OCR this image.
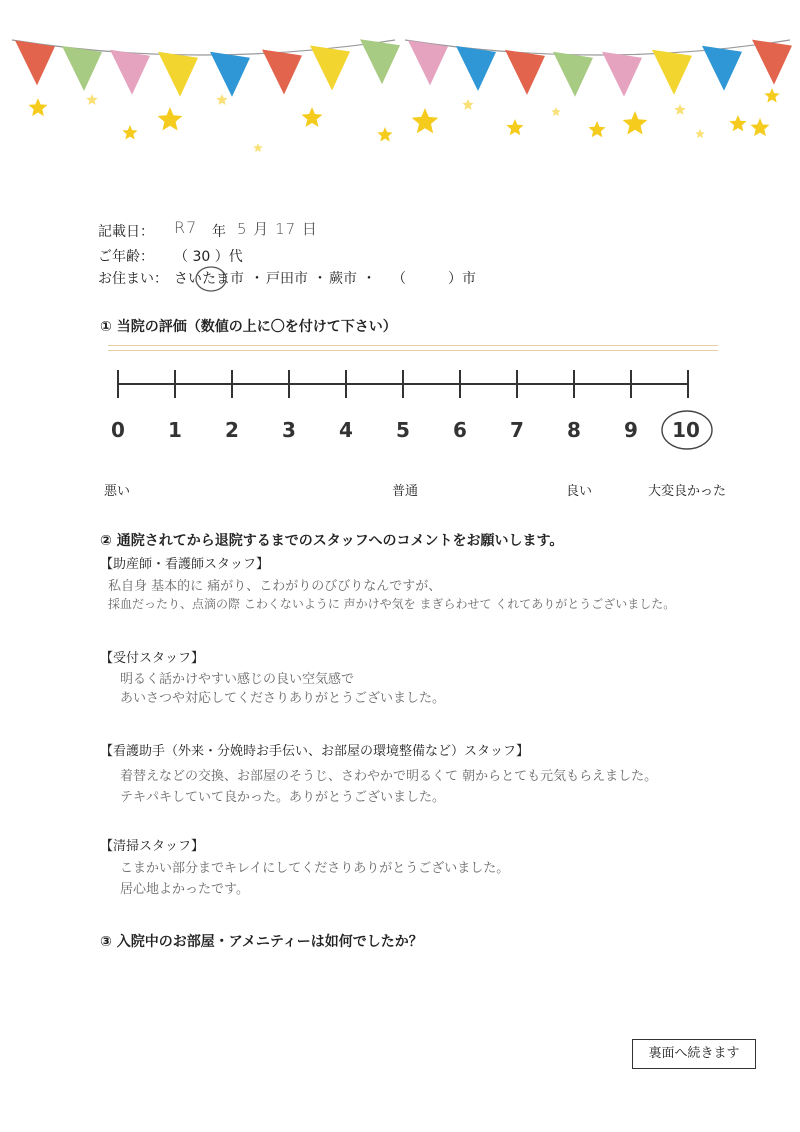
記載日： R7 年 5 月 17 日
ご年齢： （ 30 ）代
お住まい： さいたま市 ・ 戸田市 ・ 蕨市 ・ （　　　）市
① 当院の評価（数値の上に〇を付けて下さい）
0	1	2	3	4	5	6	7	8	9	10
悪い	普通	良い	大変良かった
② 通院されてから退院するまでのスタッフへのコメントをお願いします。
【助産師・看護師スタッフ】
私自身 基本的に 痛がり、こわがりのびびりなんですが、
採血だったり、点滴の際 こわくないように 声かけや気を まぎらわせて くれてありがとうございました。
【受付スタッフ】
明るく話かけやすい感じの良い空気感で
あいさつや対応してくださりありがとうございました。
【看護助手（外来・分娩時お手伝い、お部屋の環境整備など）スタッフ】
着替えなどの交換、お部屋のそうじ、さわやかで明るくて 朝からとても元気もらえました。
テキパキしていて良かった。ありがとうございました。
【清掃スタッフ】
こまかい部分までキレイにしてくださりありがとうございました。
居心地よかったです。
③ 入院中のお部屋・アメニティーは如何でしたか？
裏面へ続きます
